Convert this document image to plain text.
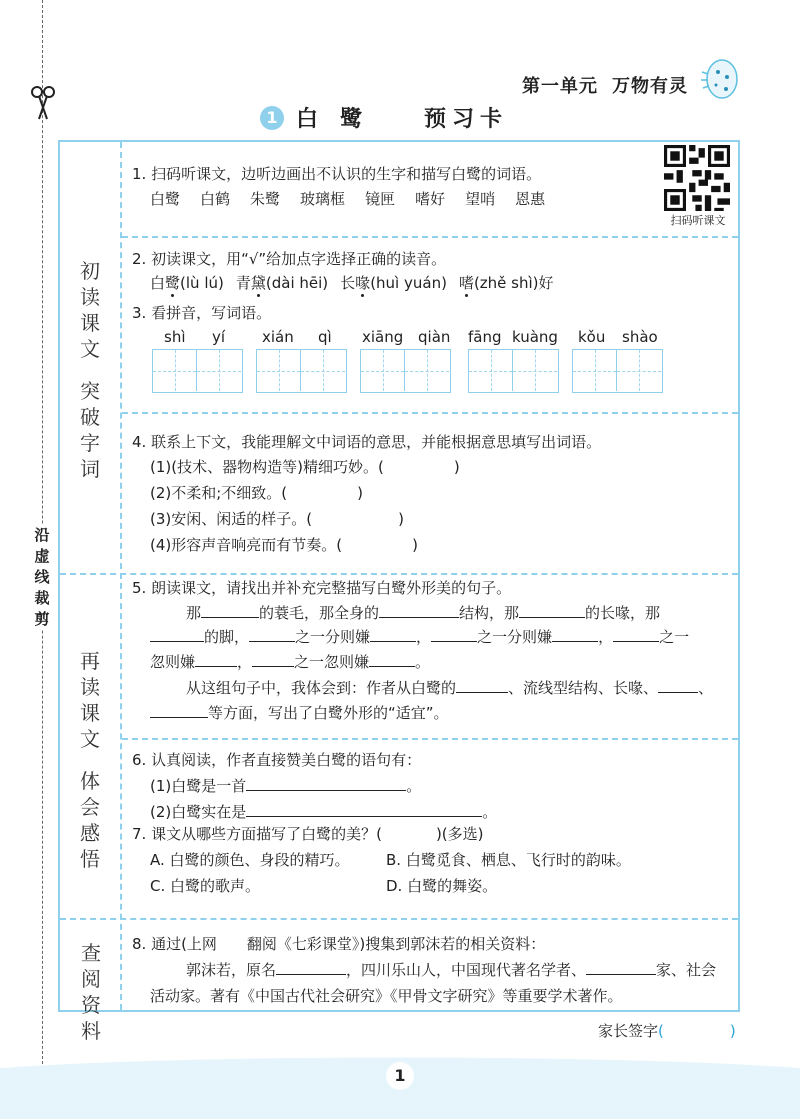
沿
虚
线
裁
剪
第一单元 万物有灵
1 白鹭 预习卡
初
读
课
文
突
破
字
词
再
读
课
文
体
会
感
悟
查
阅
资
料
扫码听课文
1. 扫码听课文，边听边画出不认识的生字和描写白鹭的词语。
白鹭 白鹤 朱鹭 玻璃框 镜匣 嗜好 望哨 恩惠
2. 初读课文，用“√”给加点字选择正确的读音。
白鹭(lù lú) 青黛(dài hēi) 长喙(huì yuán) 嗜(zhě shì)好
3. 看拼音，写词语。
shì yí xián qì xiāng qiàn fāng kuàng kǒu shào
4. 联系上下文，我能理解文中词语的意思，并能根据意思填写出词语。
(1)(技术、器物构造等)精细巧妙。(	)
(2)不柔和;不细致。(	)
(3)安闲、闲适的样子。(	)
(4)形容声音响亮而有节奏。(	)
5. 朗读课文，请找出并补充完整描写白鹭外形美的句子。
那	的蓑毛，那全身的	结构，那	的长喙，那
的脚，	之一分则嫌	，	之一分则嫌	，	之一
忽则嫌	，	之一忽则嫌	。
从这组句子中，我体会到：作者从白鹭的	、流线型结构、长喙、	、
等方面，写出了白鹭外形的“适宜”。
6. 认真阅读，作者直接赞美白鹭的语句有：
(1)白鹭是一首	。
(2)白鹭实在是	。
7. 课文从哪些方面描写了白鹭的美？(	)(多选)
A. 白鹭的颜色、身段的精巧。 B. 白鹭觅食、栖息、飞行时的韵味。
C. 白鹭的歌声。	D. 白鹭的舞姿。
8. 通过(上网　　翻阅《七彩课堂》)搜集到郭沫若的相关资料：
郭沫若，原名	，四川乐山人，中国现代著名学者、	家、社会
活动家。著有《中国古代社会研究》《甲骨文字研究》等重要学术著作。
家长签字(	)
1
